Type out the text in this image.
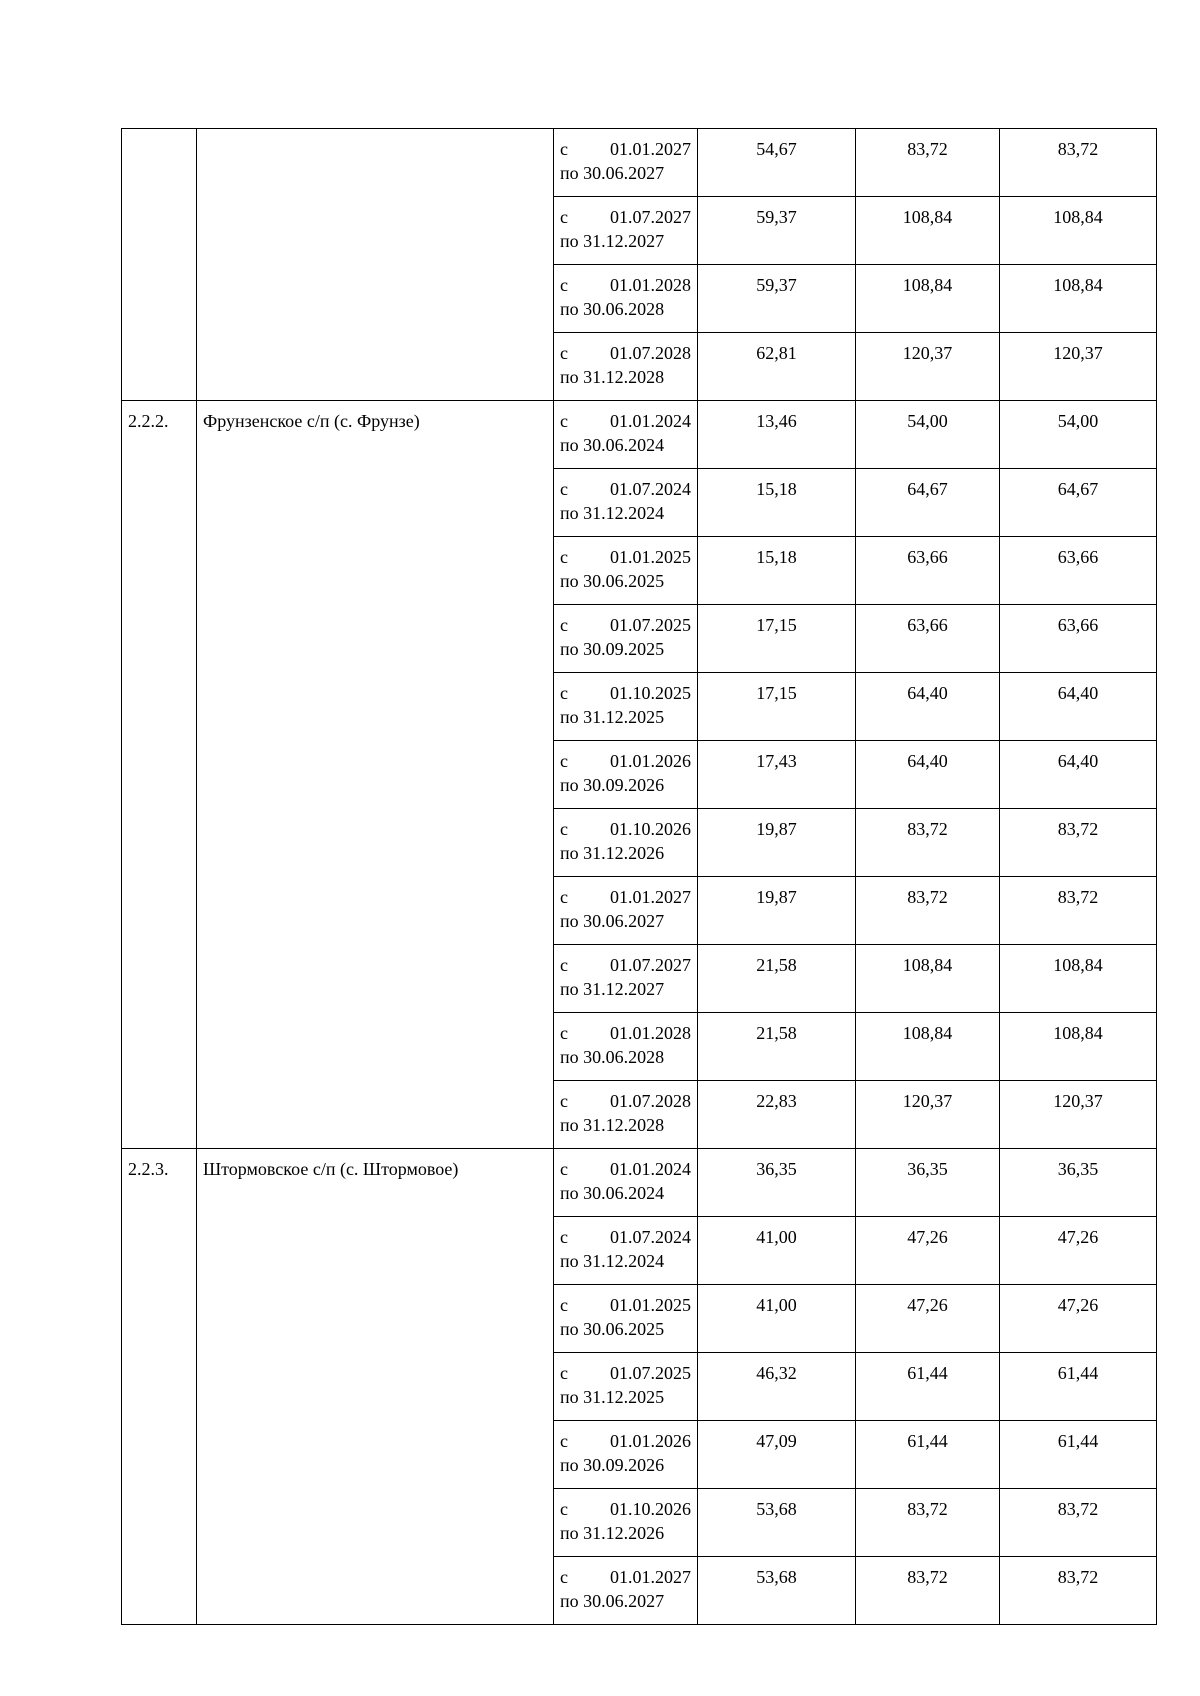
		с 01.01.2027
по 30.06.2027	54,67	83,72	83,72

		с 01.07.2027
по 31.12.2027	59,37	108,84	108,84

		с 01.01.2028
по 30.06.2028	59,37	108,84	108,84

		с 01.07.2028
по 31.12.2028	62,81	120,37	120,37
2.2.2.	Фрунзенское с/п (с. Фрунзе)	с 01.01.2024
по 30.06.2024	13,46	54,00	54,00

		с 01.07.2024
по 31.12.2024	15,18	64,67	64,67

		с 01.01.2025
по 30.06.2025	15,18	63,66	63,66

		с 01.07.2025
по 30.09.2025	17,15	63,66	63,66

		с 01.10.2025
по 31.12.2025	17,15	64,40	64,40

		с 01.01.2026
по 30.09.2026	17,43	64,40	64,40

		с 01.10.2026
по 31.12.2026	19,87	83,72	83,72

		с 01.01.2027
по 30.06.2027	19,87	83,72	83,72

		с 01.07.2027
по 31.12.2027	21,58	108,84	108,84

		с 01.01.2028
по 30.06.2028	21,58	108,84	108,84

		с 01.07.2028
по 31.12.2028	22,83	120,37	120,37
2.2.3.	Штормовское с/п (с. Штормовое)	с 01.01.2024
по 30.06.2024	36,35	36,35	36,35

		с 01.07.2024
по 31.12.2024	41,00	47,26	47,26

		с 01.01.2025
по 30.06.2025	41,00	47,26	47,26

		с 01.07.2025
по 31.12.2025	46,32	61,44	61,44

		с 01.01.2026
по 30.09.2026	47,09	61,44	61,44

		с 01.10.2026
по 31.12.2026	53,68	83,72	83,72

		с 01.01.2027
по 30.06.2027	53,68	83,72	83,72
